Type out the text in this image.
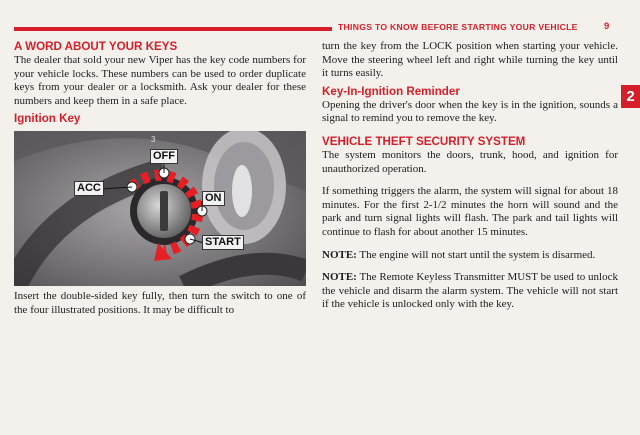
THINGS TO KNOW BEFORE STARTING YOUR VEHICLE	9
2
A WORD ABOUT YOUR KEYS

The dealer that sold your new Viper has the key code numbers for your vehicle locks. These numbers can be used to order duplicate keys from your dealer or a locksmith. Ask your dealer for these numbers and keep them in a safe place.

Ignition Key
3
OFF
ACC
ON
START

Insert the double-sided key fully, then turn the switch to one of the four illustrated positions. It may be difficult to

turn the key from the LOCK position when starting your vehicle. Move the steering wheel left and right while turning the key until it turns easily.

Key-In-Ignition Reminder

Opening the driver's door when the key is in the ignition, sounds a signal to remind you to remove the key.

VEHICLE THEFT SECURITY SYSTEM

The system monitors the doors, trunk, hood, and ignition for unauthorized operation.

If something triggers the alarm, the system will signal for about 18 minutes. For the first 2-1/2 minutes the horn will sound and the park and turn signal lights will flash. The park and tail lights will continue to flash for about another 15 minutes.

NOTE: The engine will not start until the system is disarmed.

NOTE: The Remote Keyless Transmitter MUST be used to unlock the vehicle and disarm the alarm system. The vehicle will not start if the vehicle is unlocked only with the key.
